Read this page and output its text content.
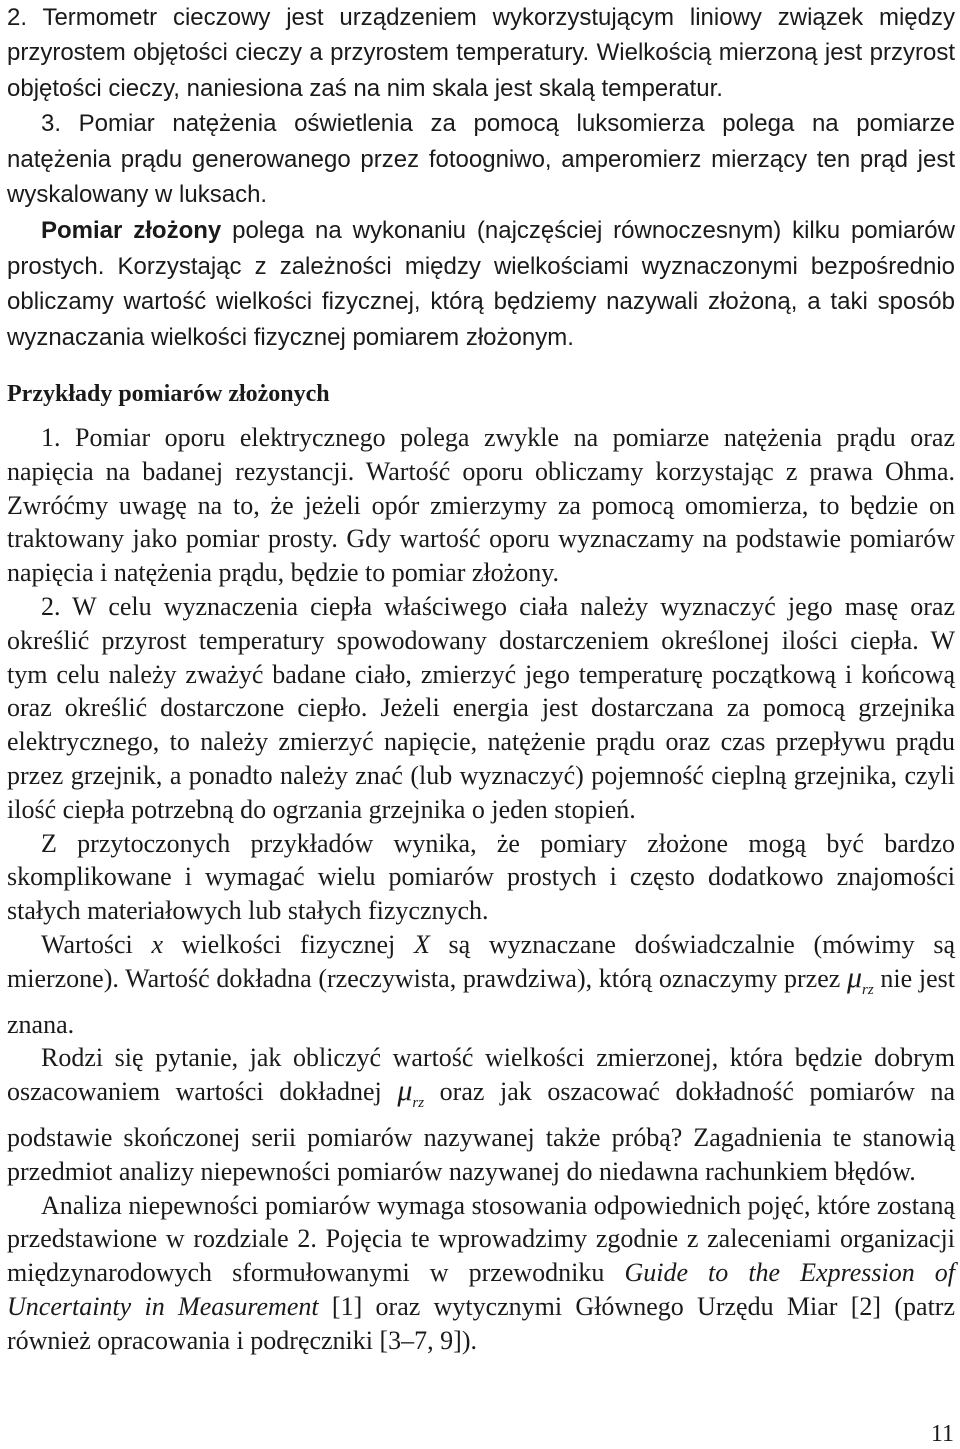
2. Termometr cieczowy jest urządzeniem wykorzystującym liniowy związek między przyrostem objętości cieczy a przyrostem temperatury. Wielkością mierzoną jest przyrost objętości cieczy, naniesiona zaś na nim skala jest skalą temperatur.

3. Pomiar natężenia oświetlenia za pomocą luksomierza polega na pomiarze natężenia prądu generowanego przez fotoogniwo, amperomierz mierzący ten prąd jest wyskalowany w luksach.

Pomiar złożony polega na wykonaniu (najczęściej równoczesnym) kilku pomiarów prostych. Korzystając z zależności między wielkościami wyznaczonymi bezpośrednio obliczamy wartość wielkości fizycznej, którą będziemy nazywali złożoną, a taki sposób wyznaczania wielkości fizycznej pomiarem złożonym.

Przykłady pomiarów złożonych

1. Pomiar oporu elektrycznego polega zwykle na pomiarze natężenia prądu oraz napięcia na badanej rezystancji. Wartość oporu obliczamy korzystając z prawa Ohma. Zwróćmy uwagę na to, że jeżeli opór zmierzymy za pomocą omomierza, to będzie on traktowany jako pomiar prosty. Gdy wartość oporu wyznaczamy na podstawie pomiarów napięcia i natężenia prądu, będzie to pomiar złożony.

2. W celu wyznaczenia ciepła właściwego ciała należy wyznaczyć jego masę oraz określić przyrost temperatury spowodowany dostarczeniem określonej ilości ciepła. W tym celu należy zważyć badane ciało, zmierzyć jego temperaturę początkową i końcową oraz określić dostarczone ciepło. Jeżeli energia jest dostarczana za pomocą grzejnika elektrycznego, to należy zmierzyć napięcie, natężenie prądu oraz czas przepływu prądu przez grzejnik, a ponadto należy znać (lub wyznaczyć) pojemność cieplną grzejnika, czyli ilość ciepła potrzebną do ogrzania grzejnika o jeden stopień.

Z przytoczonych przykładów wynika, że pomiary złożone mogą być bardzo skomplikowane i wymagać wielu pomiarów prostych i często dodatkowo znajomości stałych materiałowych lub stałych fizycznych.

Wartości x wielkości fizycznej X są wyznaczane doświadczalnie (mówimy są mierzone). Wartość dokładna (rzeczywista, prawdziwa), którą oznaczymy przez $\mu_{rz}$ nie jest znana.

Rodzi się pytanie, jak obliczyć wartość wielkości zmierzonej, która będzie dobrym oszacowaniem wartości dokładnej $\mu_{rz}$ oraz jak oszacować dokładność pomiarów na podstawie skończonej serii pomiarów nazywanej także próbą? Zagadnienia te stanowią przedmiot analizy niepewności pomiarów nazywanej do niedawna rachunkiem błędów.

Analiza niepewności pomiarów wymaga stosowania odpowiednich pojęć, które zostaną przedstawione w rozdziale 2. Pojęcia te wprowadzimy zgodnie z zaleceniami organizacji międzynarodowych sformułowanymi w przewodniku Guide to the Expression of Uncertainty in Measurement [1] oraz wytycznymi Głównego Urzędu Miar [2] (patrz również opracowania i podręczniki [3–7, 9]).

11
